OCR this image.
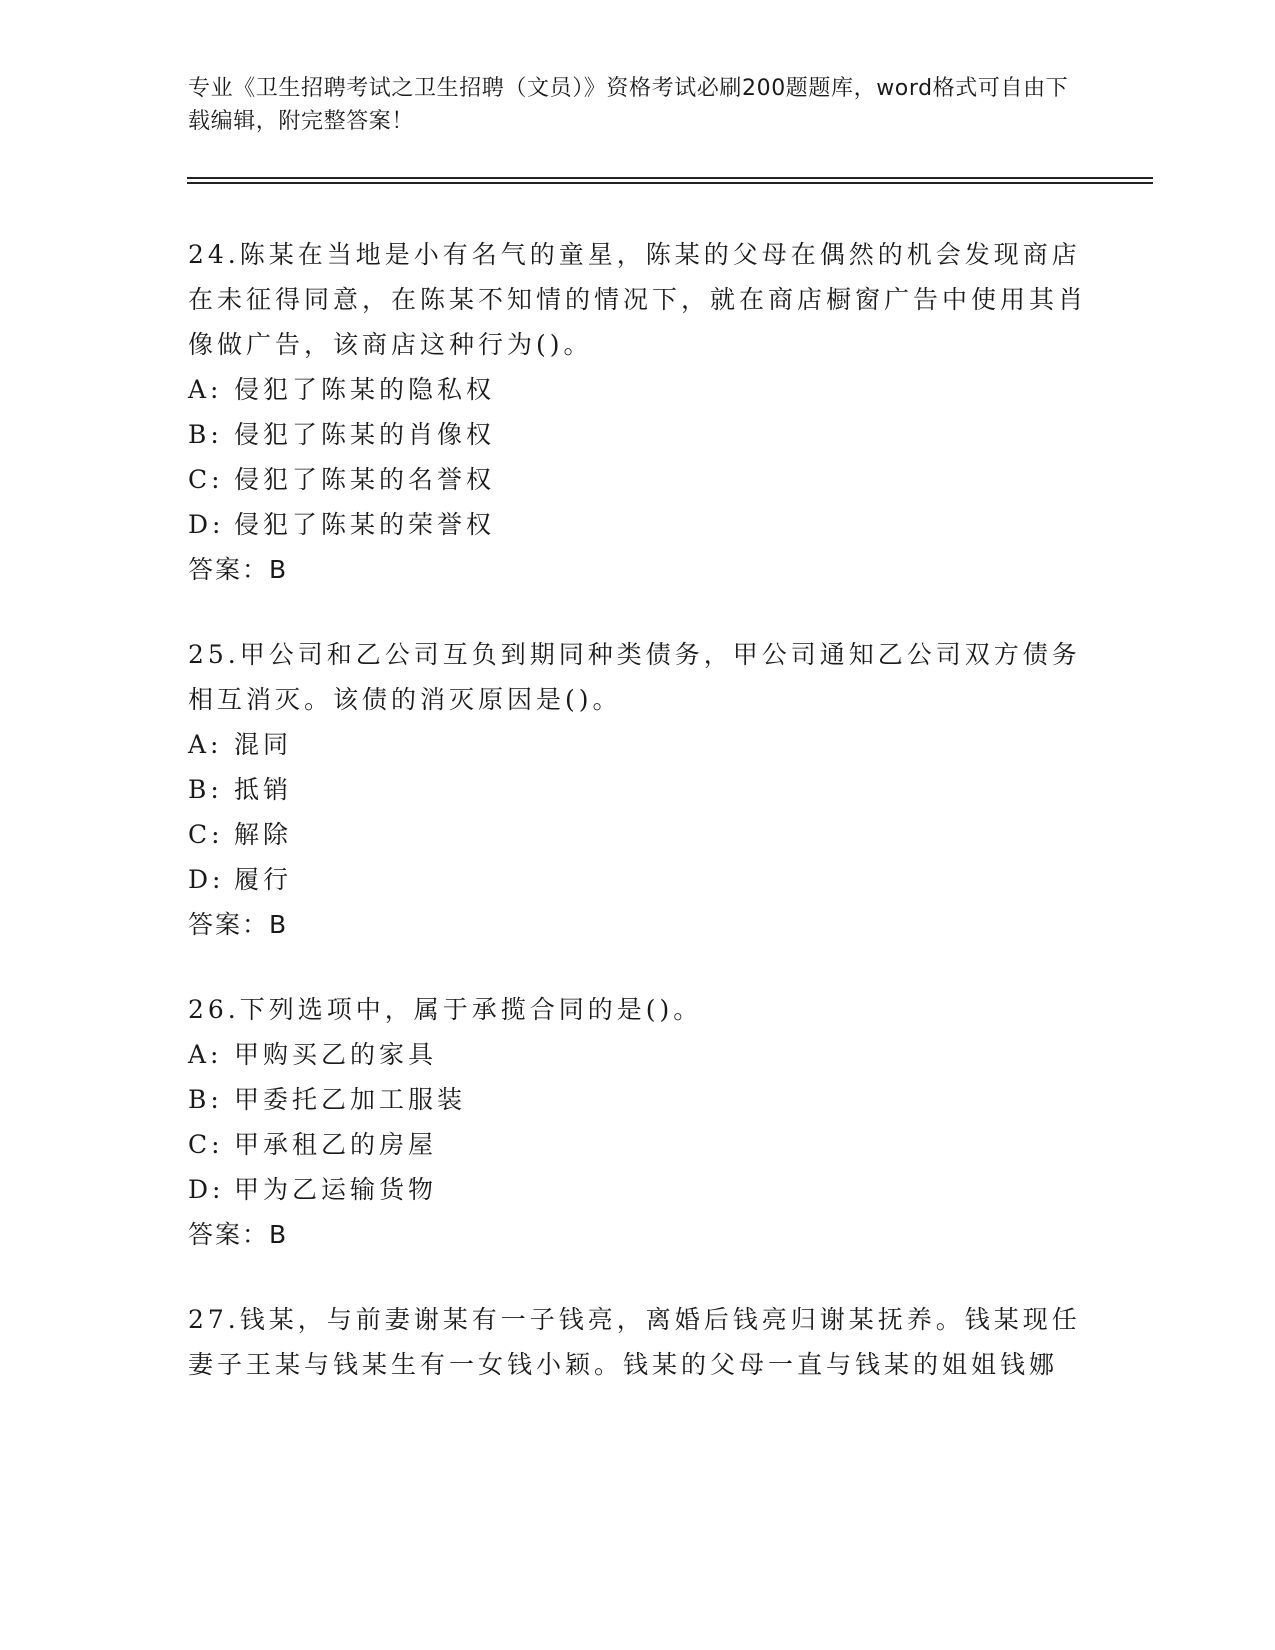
专业《卫生招聘考试之卫生招聘（文员）》资格考试必刷200题题库，word格式可自由下载编辑，附完整答案！

24.陈某在当地是小有名气的童星，陈某的父母在偶然的机会发现商店在未征得同意，在陈某不知情的情况下，就在商店橱窗广告中使用其肖像做广告，该商店这种行为()。

A: 侵犯了陈某的隐私权

B: 侵犯了陈某的肖像权

C: 侵犯了陈某的名誉权

D: 侵犯了陈某的荣誉权

答案：B

25.甲公司和乙公司互负到期同种类债务，甲公司通知乙公司双方债务相互消灭。该债的消灭原因是()。

A: 混同

B: 抵销

C: 解除

D: 履行

答案：B

26.下列选项中，属于承揽合同的是()。

A: 甲购买乙的家具

B: 甲委托乙加工服装

C: 甲承租乙的房屋

D: 甲为乙运输货物

答案：B

27.钱某，与前妻谢某有一子钱亮，离婚后钱亮归谢某抚养。钱某现任妻子王某与钱某生有一女钱小颖。钱某的父母一直与钱某的姐姐钱娜
